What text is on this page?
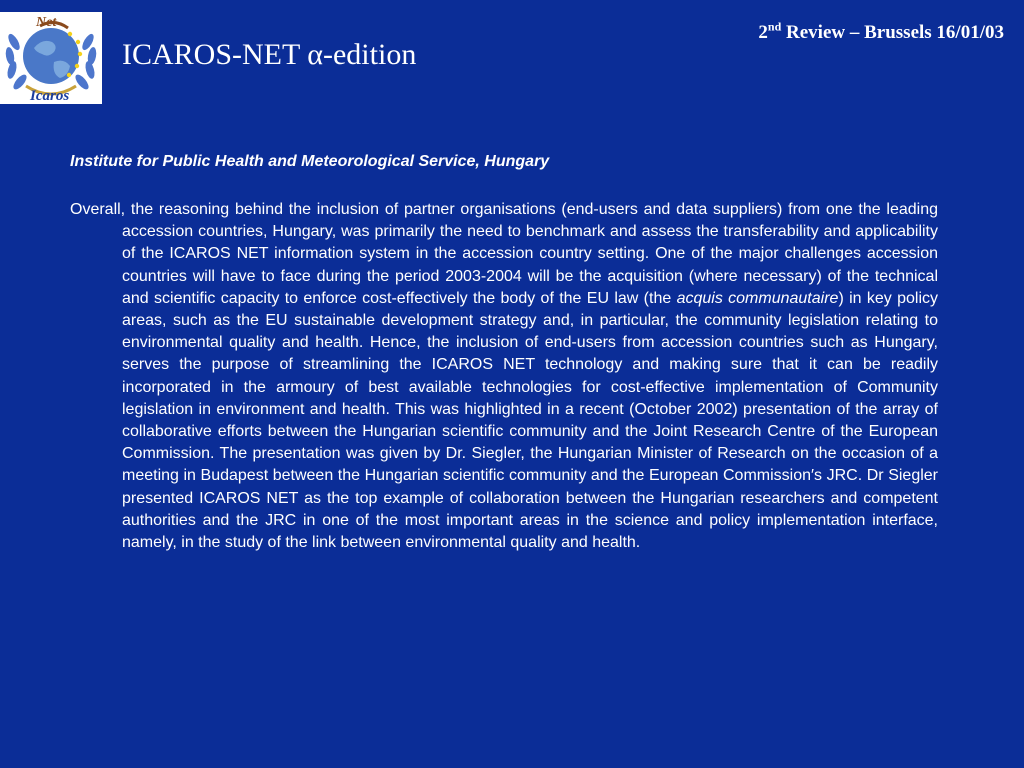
Net
Icaros
ICAROS-NET α-edition
2nd Review – Brussels 16/01/03
Institute for Public Health and Meteorological Service, Hungary

Overall, the reasoning behind the inclusion of partner organisations (end-users and data suppliers) from one the leading accession countries, Hungary, was primarily the need to benchmark and assess the transferability and applicability of the ICAROS NET information system in the accession country setting. One of the major challenges accession countries will have to face during the period 2003-2004 will be the acquisition (where necessary) of the technical and scientific capacity to enforce cost-effectively the body of the EU law (the acquis communautaire) in key policy areas, such as the EU sustainable development strategy and, in particular, the community legislation relating to environmental quality and health. Hence, the inclusion of end-users from accession countries such as Hungary, serves the purpose of streamlining the ICAROS NET technology and making sure that it can be readily incorporated in the armoury of best available technologies for cost-effective implementation of Community legislation in environment and health. This was highlighted in a recent (October 2002) presentation of the array of collaborative efforts between the Hungarian scientific community and the Joint Research Centre of the European Commission. The presentation was given by Dr. Siegler, the Hungarian Minister of Research on the occasion of a meeting in Budapest between the Hungarian scientific community and the European Commission′s JRC. Dr Siegler presented ICAROS NET as the top example of collaboration between the Hungarian researchers and competent authorities and the JRC in one of the most important areas in the science and policy implementation interface, namely, in the study of the link between environmental quality and health.
